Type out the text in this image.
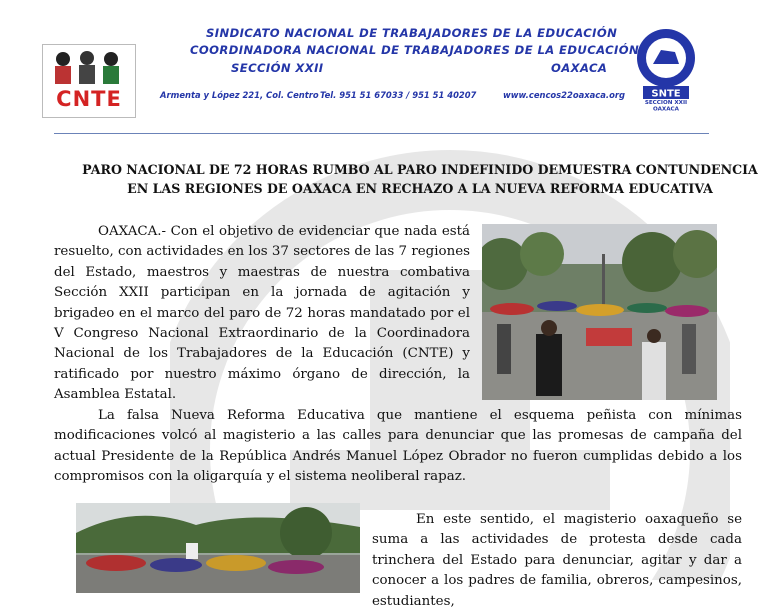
CNTE	SNTE
SECCION XXII
OAXACA
SINDICATO NACIONAL DE TRABAJADORES DE LA EDUCACIÓN
COORDINADORA NACIONAL DE TRABAJADORES DE LA EDUCACIÓN
SECCIÓN XXII	OAXACA
Armenta y López 221, Col. Centro Tel. 951 51 67033 / 951 51 40207	www.cencos22oaxaca.org
PARO NACIONAL DE 72 HORAS RUMBO AL PARO INDEFINIDO DEMUESTRA CONTUNDENCIA
EN LAS REGIONES DE OAXACA EN RECHAZO A LA NUEVA REFORMA EDUCATIVA
OAXACA.- Con el objetivo de evidenciar que nada está resuelto, con actividades en los 37 sectores de las 7 regiones del Estado, maestros y maestras de nuestra combativa Sección XXII participan en la jornada de agitación y brigadeo en el marco del paro de 72 horas mandatado por el V Congreso Nacional Extraordinario de la Coordinadora Nacional de los Trabajadores de la Educación (CNTE) y ratificado por nuestro máximo órgano de dirección, la Asamblea Estatal.
La falsa Nueva Reforma Educativa que mantiene el esquema peñista con mínimas modificaciones volcó al magisterio a las calles para denunciar que las promesas de campaña del actual Presidente de la República Andrés Manuel López Obrador no fueron cumplidas debido a los compromisos con la oligarquía y el sistema neoliberal rapaz.
En este sentido, el magisterio oaxaqueño se suma a las actividades de protesta desde cada trinchera del Estado para denunciar, agitar y dar a conocer a los padres de familia, obreros, campesinos, estudiantes,
